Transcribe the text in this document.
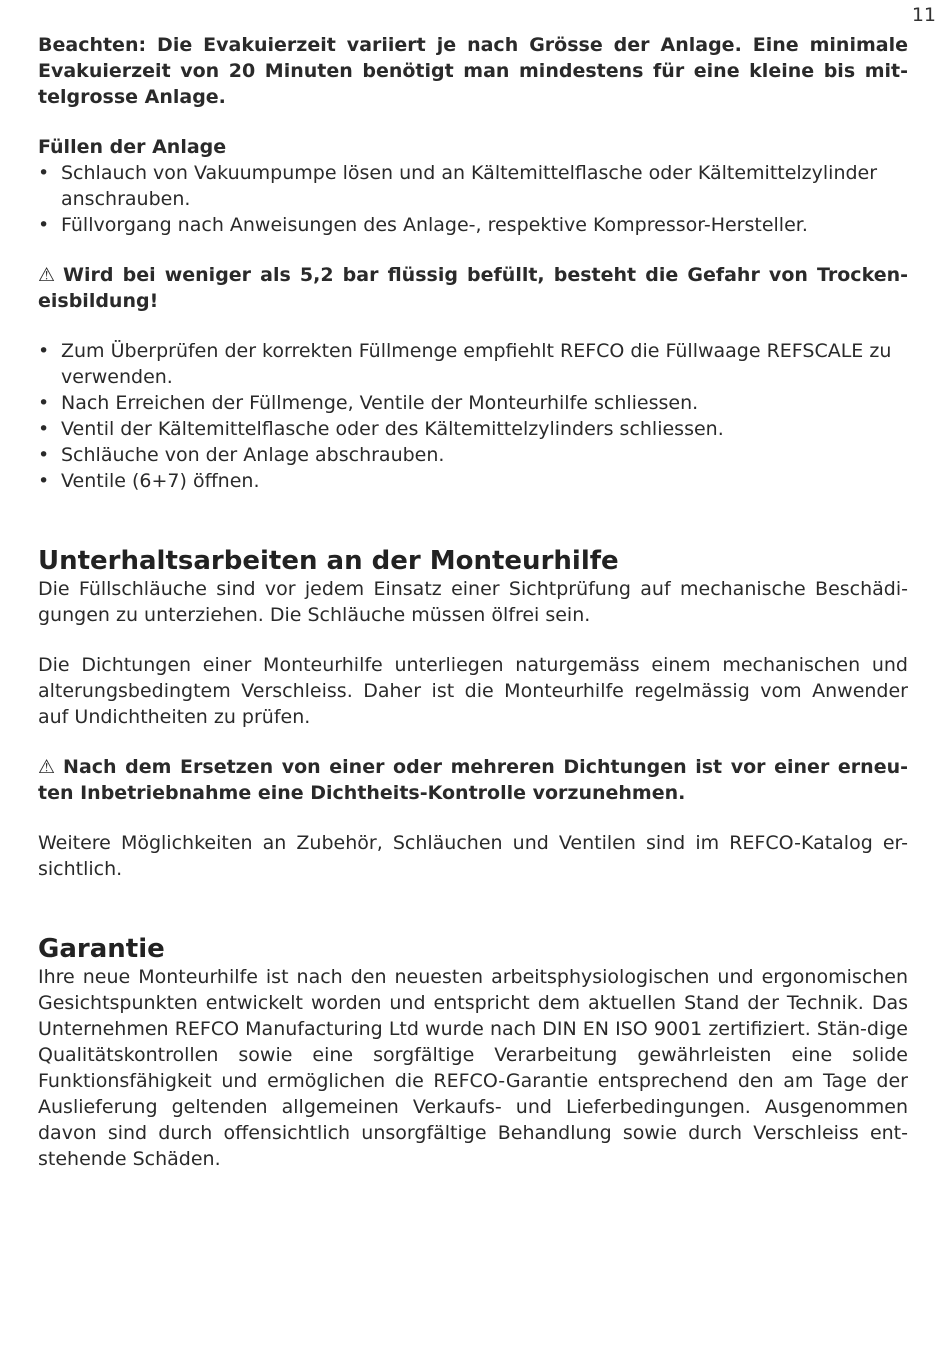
11

Beachten: Die Evakuierzeit variiert je nach Grösse der Anlage. Eine minimale Evakuierzeit von 20 Minuten benötigt man mindestens für eine kleine bis mit-telgrosse Anlage.

Füllen der Anlage

• Schlauch von Vakuumpumpe lösen und an Kältemittelflasche oder Kältemittelzylinder anschrauben.
• Füllvorgang nach Anweisungen des Anlage-, respektive Kompressor-Hersteller.

⚠ Wird bei weniger als 5,2 bar flüssig befüllt, besteht die Gefahr von Trocken-eisbildung!

• Zum Überprüfen der korrekten Füllmenge empfiehlt REFCO die Füllwaage REFSCALE zu verwenden.
• Nach Erreichen der Füllmenge, Ventile der Monteurhilfe schliessen.
• Ventil der Kältemittelflasche oder des Kältemittelzylinders schliessen.
• Schläuche von der Anlage abschrauben.
• Ventile (6+7) öffnen.
Unterhaltsarbeiten an der Monteurhilfe

Die Füllschläuche sind vor jedem Einsatz einer Sichtprüfung auf mechanische Beschädi-gungen zu unterziehen. Die Schläuche müssen ölfrei sein.

Die Dichtungen einer Monteurhilfe unterliegen naturgemäss einem mechanischen und alterungsbedingtem Verschleiss. Daher ist die Monteurhilfe regelmässig vom Anwender auf Undichtheiten zu prüfen.

⚠ Nach dem Ersetzen von einer oder mehreren Dichtungen ist vor einer erneu-ten Inbetriebnahme eine Dichtheits-Kontrolle vorzunehmen.

Weitere Möglichkeiten an Zubehör, Schläuchen und Ventilen sind im REFCO-Katalog er-sichtlich.

Garantie

Ihre neue Monteurhilfe ist nach den neuesten arbeitsphysiologischen und ergonomischen Gesichtspunkten entwickelt worden und entspricht dem aktuellen Stand der Technik. Das Unternehmen REFCO Manufacturing Ltd wurde nach DIN EN ISO 9001 zertifiziert. Stän-dige Qualitätskontrollen sowie eine sorgfältige Verarbeitung gewährleisten eine solide Funktionsfähigkeit und ermöglichen die REFCO-Garantie entsprechend den am Tage der Auslieferung geltenden allgemeinen Verkaufs- und Lieferbedingungen. Ausgenommen davon sind durch offensichtlich unsorgfältige Behandlung sowie durch Verschleiss ent-stehende Schäden.
